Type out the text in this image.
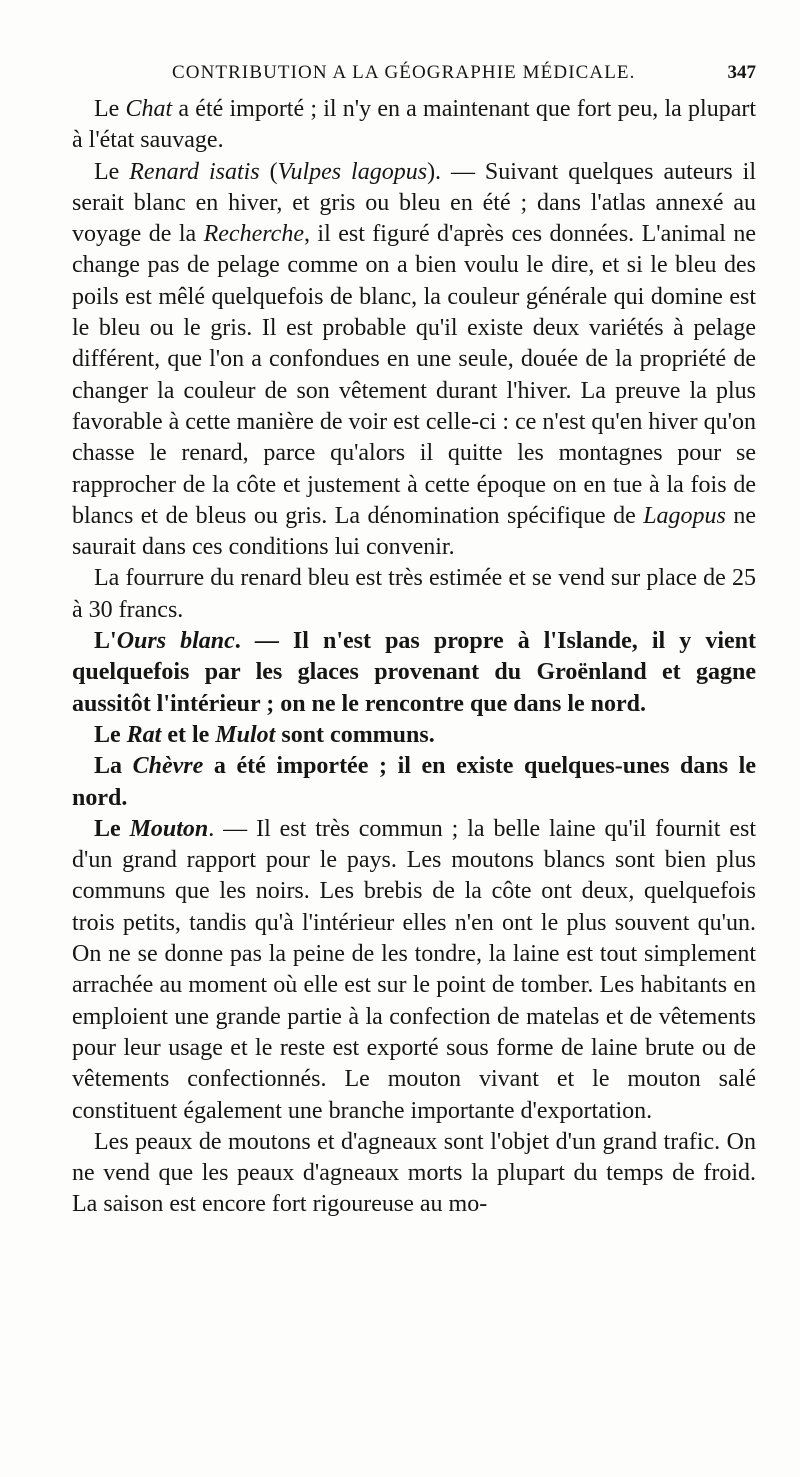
CONTRIBUTION A LA GÉOGRAPHIE MÉDICALE.	347

Le Chat a été importé ; il n'y en a maintenant que fort peu, la plupart à l'état sauvage.

Le Renard isatis (Vulpes lagopus). — Suivant quelques auteurs il serait blanc en hiver, et gris ou bleu en été ; dans l'atlas annexé au voyage de la Recherche, il est figuré d'après ces données. L'animal ne change pas de pelage comme on a bien voulu le dire, et si le bleu des poils est mêlé quelquefois de blanc, la couleur générale qui domine est le bleu ou le gris. Il est probable qu'il existe deux variétés à pelage différent, que l'on a confondues en une seule, douée de la propriété de changer la couleur de son vêtement durant l'hiver. La preuve la plus favorable à cette manière de voir est celle-ci : ce n'est qu'en hiver qu'on chasse le renard, parce qu'alors il quitte les montagnes pour se rapprocher de la côte et justement à cette époque on en tue à la fois de blancs et de bleus ou gris. La dénomination spécifique de Lagopus ne saurait dans ces conditions lui convenir.

La fourrure du renard bleu est très estimée et se vend sur place de 25 à 30 francs.

L'Ours blanc. — Il n'est pas propre à l'Islande, il y vient quelquefois par les glaces provenant du Groënland et gagne aussitôt l'intérieur ; on ne le rencontre que dans le nord.

Le Rat et le Mulot sont communs.

La Chèvre a été importée ; il en existe quelques-unes dans le nord.

Le Mouton. — Il est très commun ; la belle laine qu'il fournit est d'un grand rapport pour le pays. Les moutons blancs sont bien plus communs que les noirs. Les brebis de la côte ont deux, quelquefois trois petits, tandis qu'à l'intérieur elles n'en ont le plus souvent qu'un. On ne se donne pas la peine de les tondre, la laine est tout simplement arrachée au moment où elle est sur le point de tomber. Les habitants en emploient une grande partie à la confection de matelas et de vêtements pour leur usage et le reste est exporté sous forme de laine brute ou de vêtements confectionnés. Le mouton vivant et le mouton salé constituent également une branche importante d'exportation.

Les peaux de moutons et d'agneaux sont l'objet d'un grand trafic. On ne vend que les peaux d'agneaux morts la plupart du temps de froid. La saison est encore fort rigoureuse au mo-
